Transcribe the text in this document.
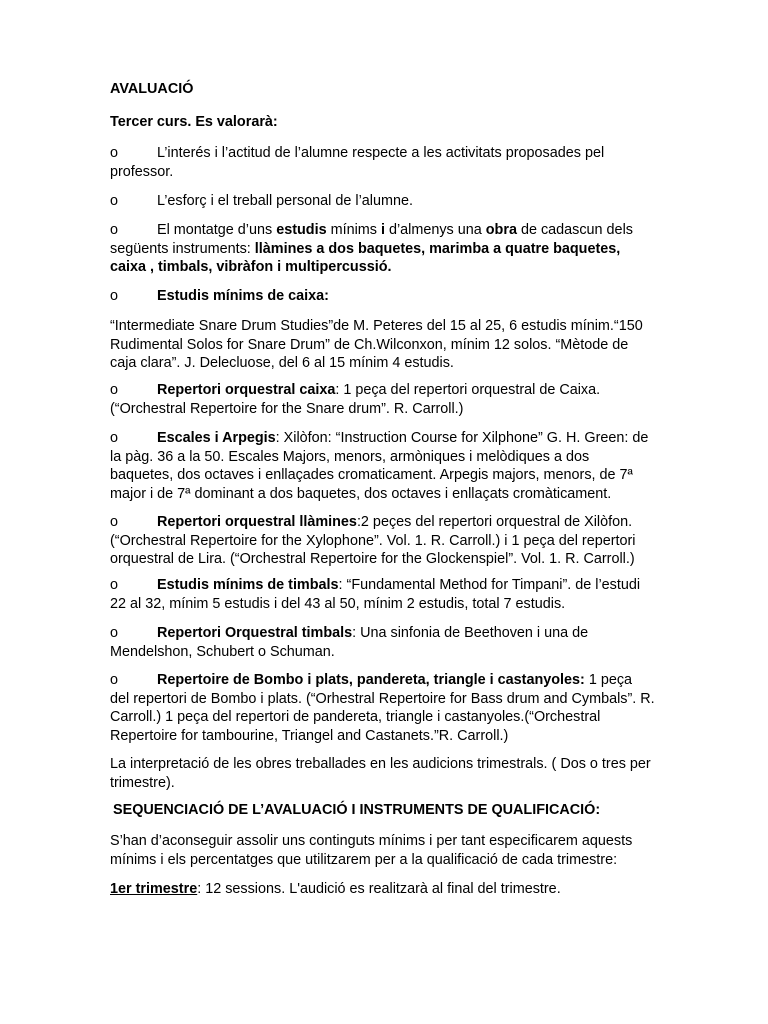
AVALUACIÓ

Tercer curs. Es valorarà:

o	L’interés i l’actitud de l’alumne respecte a les activitats proposades pel professor.

o	L’esforç i el treball personal de l’alumne.

o	El montatge d’uns estudis mínims i d’almenys una obra de cadascun dels següents instruments: llàmines a dos baquetes, marimba a quatre baquetes, caixa , timbals, vibràfon i multipercussió.

o	Estudis mínims de caixa:

“Intermediate Snare Drum Studies”de M. Peteres del 15 al 25, 6 estudis mínim.“150 Rudimental Solos for Snare Drum” de Ch.Wilconxon, mínim 12 solos. “Mètode de caja clara”. J. Delecluose, del 6 al 15 mínim 4 estudis.

o	Repertori orquestral caixa: 1 peça del repertori orquestral de Caixa. (“Orchestral Repertoire for the Snare drum”. R. Carroll.)

o	Escales i Arpegis: Xilòfon: “Instruction Course for Xilphone” G. H. Green: de la pàg. 36 a la 50. Escales Majors, menors, armòniques i melòdiques a dos baquetes, dos octaves i enllaçades cromaticament. Arpegis majors, menors, de 7ª major i de 7ª dominant a dos baquetes, dos octaves i enllaçats cromàticament.

o	Repertori orquestral llàmines:2 peçes del repertori orquestral de Xilòfon. (“Orchestral Repertoire for the Xylophone”. Vol. 1. R. Carroll.) i 1 peça del repertori orquestral de Lira. (“Orchestral Repertoire for the Glockenspiel”. Vol. 1. R. Carroll.)

o	Estudis mínims de timbals: “Fundamental Method for Timpani”. de l’estudi 22 al 32, mínim 5 estudis i del 43 al 50, mínim 2 estudis, total 7 estudis.

o	Repertori Orquestral timbals: Una sinfonia de Beethoven i una de Mendelshon, Schubert o Schuman.

o	Repertoire de Bombo i plats, pandereta, triangle i castanyoles: 1 peça del repertori de Bombo i plats. (“Orhestral Repertoire for Bass drum and Cymbals”. R. Carroll.) 1 peça del repertori de pandereta, triangle i castanyoles.(“Orchestral Repertoire for tambourine, Triangel and Castanets.”R. Carroll.)

La interpretació de les obres treballades en les audicions trimestrals. ( Dos o tres per trimestre).

SEQUENCIACIÓ DE L’AVALUACIÓ I INSTRUMENTS DE QUALIFICACIÓ:

S’han d’aconseguir assolir uns continguts mínims i per tant especificarem aquests mínims i els percentatges que utilitzarem per a la qualificació de cada trimestre:

1er trimestre: 12 sessions. L'audició es realitzarà al final del trimestre.
